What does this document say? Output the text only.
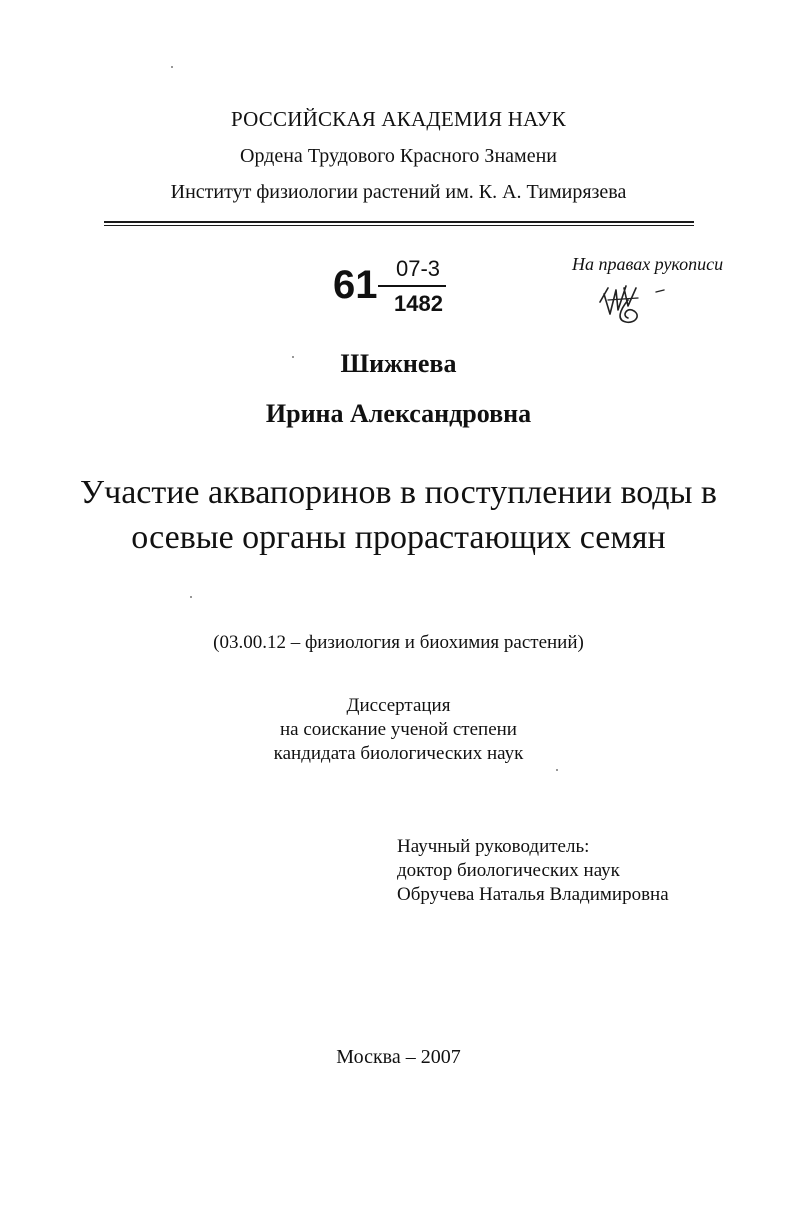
РОССИЙСКАЯ АКАДЕМИЯ НАУК
Ордена Трудового Красного Знамени
Институт физиологии растений им. К. А. Тимирязева
61 07-3
1482
На правах рукописи
Шижнева
Ирина Александровна
Участие аквапоринов в поступлении воды в
осевые органы прорастающих семян
(03.00.12 – физиология и биохимия растений)
Диссертация
на соискание ученой степени
кандидата биологических наук
Научный руководитель:
доктор биологических наук
Обручева Наталья Владимировна
Москва – 2007
